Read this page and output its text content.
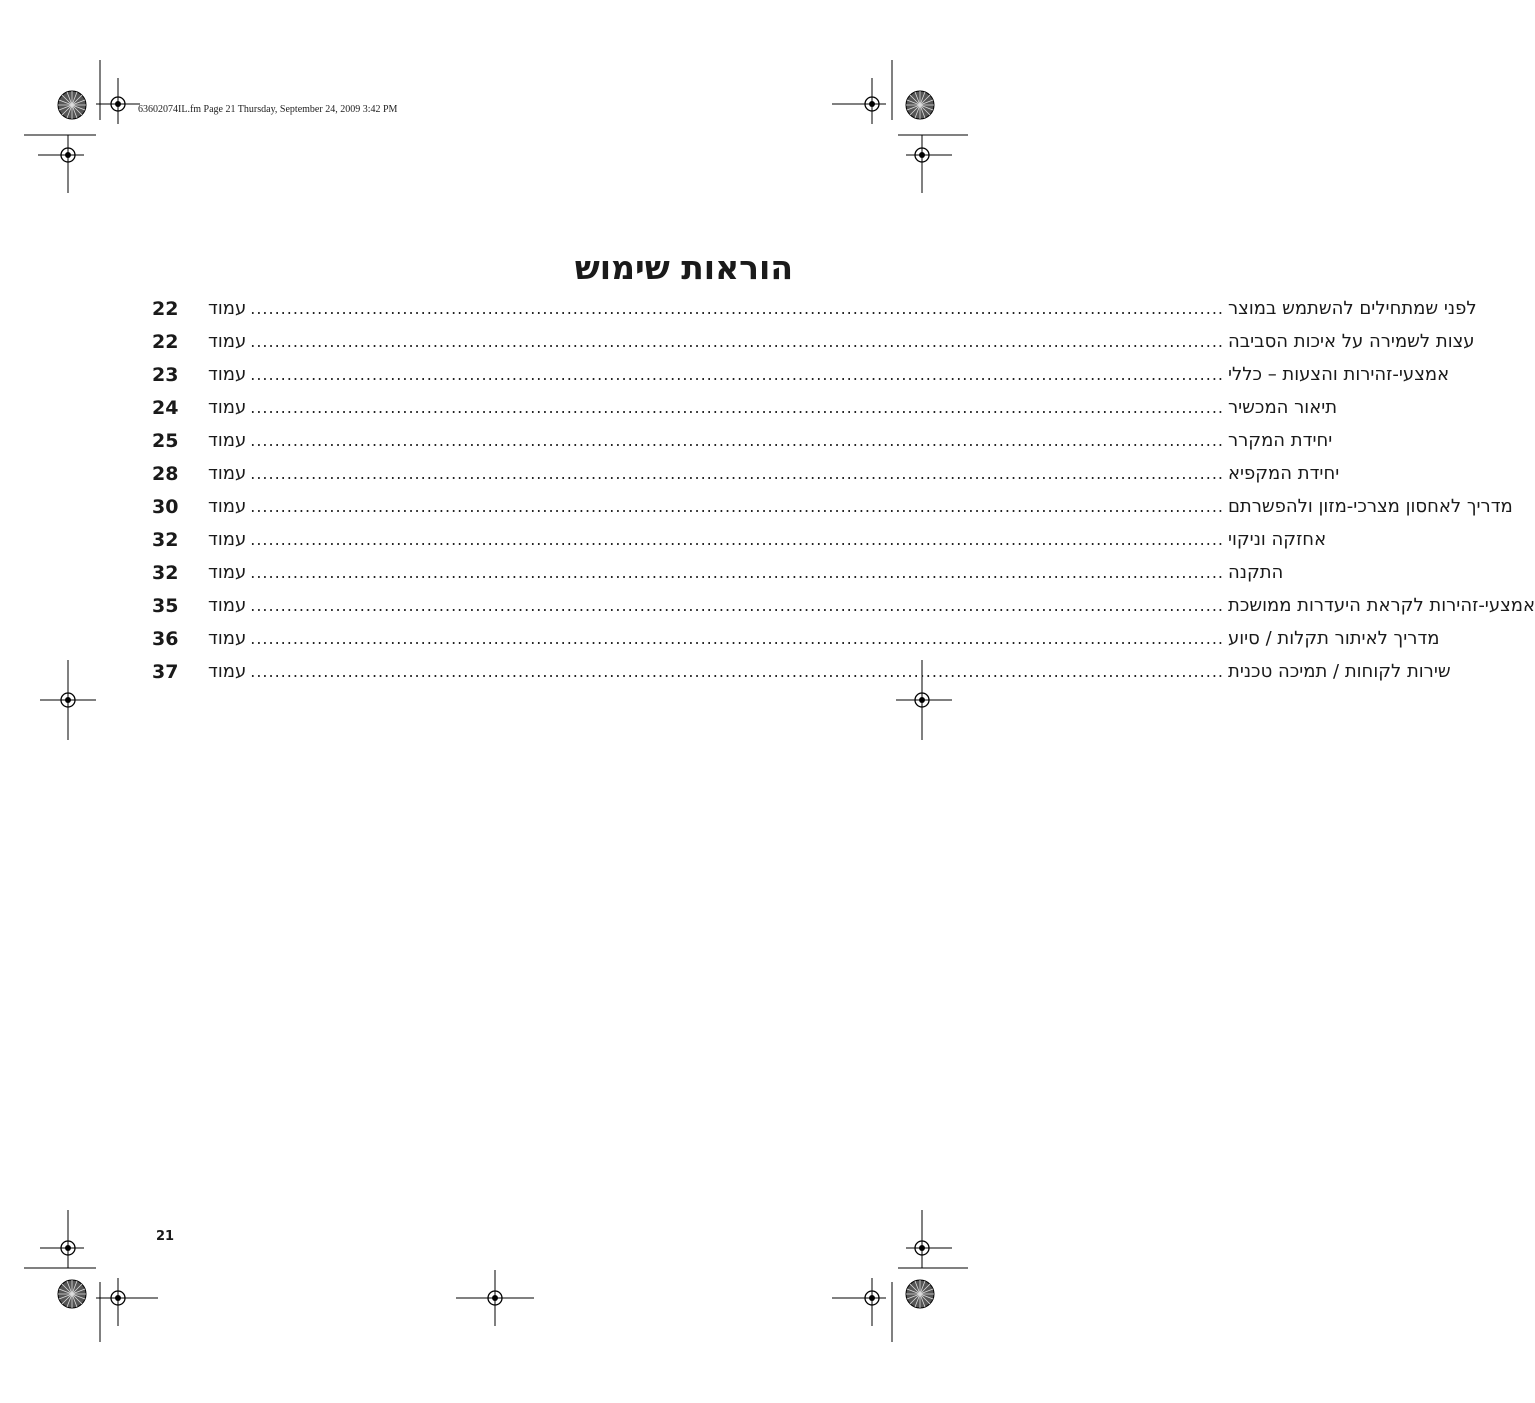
63602074IL.fm Page 21 Thursday, September 24, 2009 3:42 PM
הוראות שימוש
22	עמוד ................................................................................................................................................................ לפני שמתחילים להשתמש במוצר
22	עמוד ................................................................................................................................................................ עצות לשמירה על איכות הסביבה
23	עמוד ................................................................................................................................................................ אמצעי-זהירות והצעות – כללי
24	עמוד ................................................................................................................................................................ תיאור המכשיר
25	עמוד ................................................................................................................................................................ יחידת המקרר
28	עמוד ................................................................................................................................................................ יחידת המקפיא
30	עמוד ................................................................................................................................................................ מדריך לאחסון מצרכי-מזון ולהפשרתם
32	עמוד ................................................................................................................................................................ אחזקה וניקוי
32	עמוד ................................................................................................................................................................ התקנה
35	עמוד ................................................................................................................................................................ אמצעי-זהירות לקראת היעדרות ממושכת
36	עמוד ................................................................................................................................................................ מדריך לאיתור תקלות / סיוע
37	עמוד ................................................................................................................................................................ שירות לקוחות / תמיכה טכנית
21
